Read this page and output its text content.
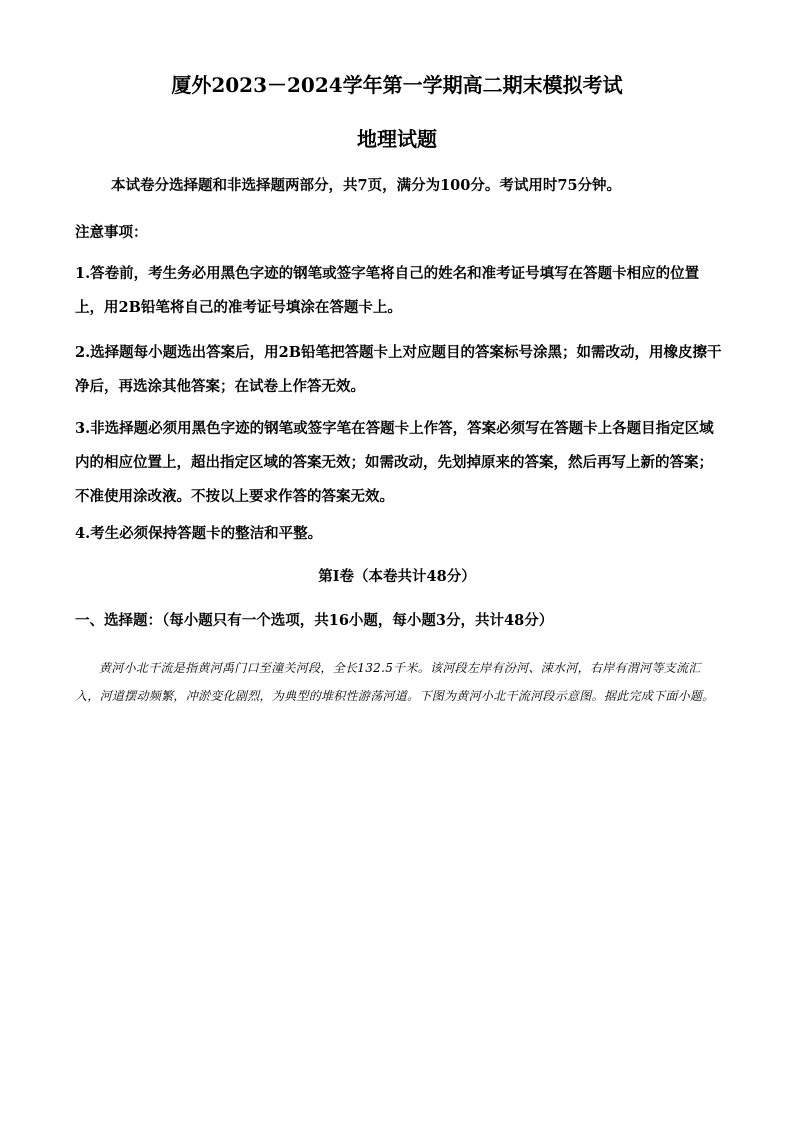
厦外2023－2024学年第一学期高二期末模拟考试
地理试题
本试卷分选择题和非选择题两部分，共7页，满分为100分。考试用时75分钟。
注意事项：
1.答卷前，考生务必用黑色字迹的钢笔或签字笔将自己的姓名和准考证号填写在答题卡相应的位置上，用2B铅笔将自己的准考证号填涂在答题卡上。
2.选择题每小题选出答案后，用2B铅笔把答题卡上对应题目的答案标号涂黑；如需改动，用橡皮擦干净后，再选涂其他答案；在试卷上作答无效。
3.非选择题必须用黑色字迹的钢笔或签字笔在答题卡上作答，答案必须写在答题卡上各题目指定区域内的相应位置上，超出指定区域的答案无效；如需改动，先划掉原来的答案，然后再写上新的答案；不准使用涂改液。不按以上要求作答的答案无效。
4.考生必须保持答题卡的整洁和平整。
第Ⅰ卷（本卷共计48分）
一、选择题：（每小题只有一个选项，共16小题，每小题3分，共计48分）
黄河小北干流是指黄河禹门口至潼关河段，全长132.5千米。该河段左岸有汾河、涑水河，右岸有渭河等支流汇入，河道摆动频繁，冲淤变化剧烈，为典型的堆积性游荡河道。下图为黄河小北干流河段示意图。据此完成下面小题。
